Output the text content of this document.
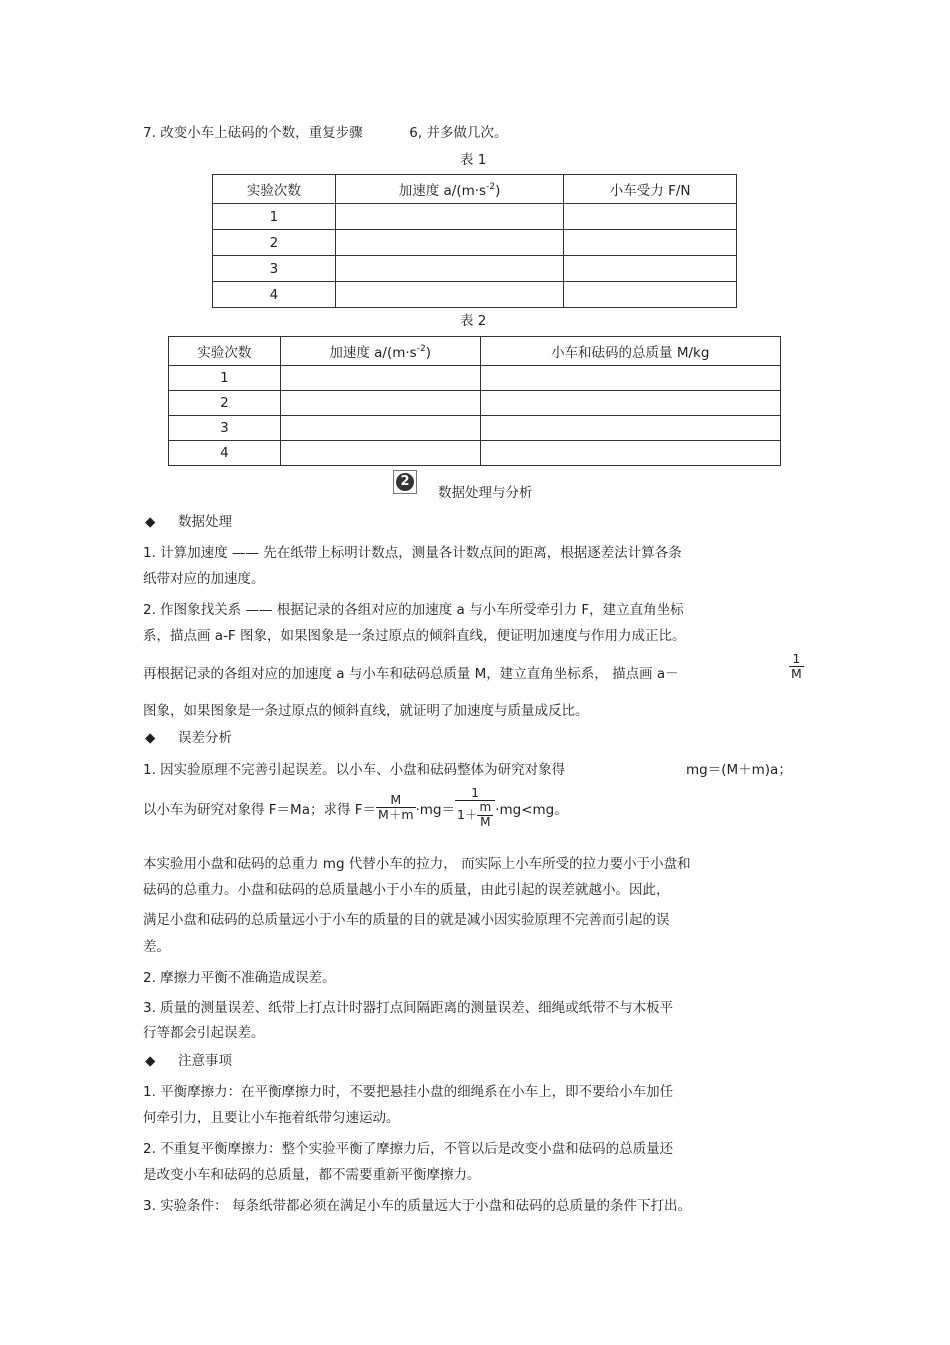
7. 改变小车上砝码的个数，重复步骤	6, 并多做几次。
表 1
实验次数	加速度 $a/(m\cdot s^{-2})$	小车受力 F/N
1		
2		
3		
4		
表 2
实验次数	加速度 $a/(m\cdot s^{-2})$	小车和砝码的总质量 M/kg
1		
2		
3		
4		
2
数据处理与分析
◆ 数据处理
1. 计算加速度 —— 先在纸带上标明计数点，测量各计数点间的距离，根据逐差法计算各条
纸带对应的加速度。
2. 作图象找关系 —— 根据记录的各组对应的加速度 a 与小车所受牵引力 F，建立直角坐标
系，描点画 a-F 图象，如果图象是一条过原点的倾斜直线，便证明加速度与作用力成正比。
再根据记录的各组对应的加速度 a 与小车和砝码总质量 M，建立直角坐标系， 描点画 a－	$\frac{1}{M}$
图象，如果图象是一条过原点的倾斜直线，就证明了加速度与质量成反比。
◆ 误差分析
1. 因实验原理不完善引起误差。以小车、小盘和砝码整体为研究对象得	mg＝(M＋m)a；
以小车为研究对象得 F＝Ma；求得 $F= \frac{M}{M+m} \cdot mg= \frac{1}{1+ \frac{m}{M}} \cdot mg<mg$。
本实验用小盘和砝码的总重力 mg 代替小车的拉力， 而实际上小车所受的拉力要小于小盘和
砝码的总重力。小盘和砝码的总质量越小于小车的质量，由此引起的误差就越小。因此，
满足小盘和砝码的总质量远小于小车的质量的目的就是减小因实验原理不完善而引起的误
差。
2. 摩擦力平衡不准确造成误差。
3. 质量的测量误差、纸带上打点计时器打点间隔距离的测量误差、细绳或纸带不与木板平
行等都会引起误差。
◆ 注意事项
1. 平衡摩擦力：在平衡摩擦力时，不要把悬挂小盘的细绳系在小车上，即不要给小车加任
何牵引力，且要让小车拖着纸带匀速运动。
2. 不重复平衡摩擦力：整个实验平衡了摩擦力后，不管以后是改变小盘和砝码的总质量还
是改变小车和砝码的总质量，都不需要重新平衡摩擦力。
3. 实验条件： 每条纸带都必须在满足小车的质量远大于小盘和砝码的总质量的条件下打出。
